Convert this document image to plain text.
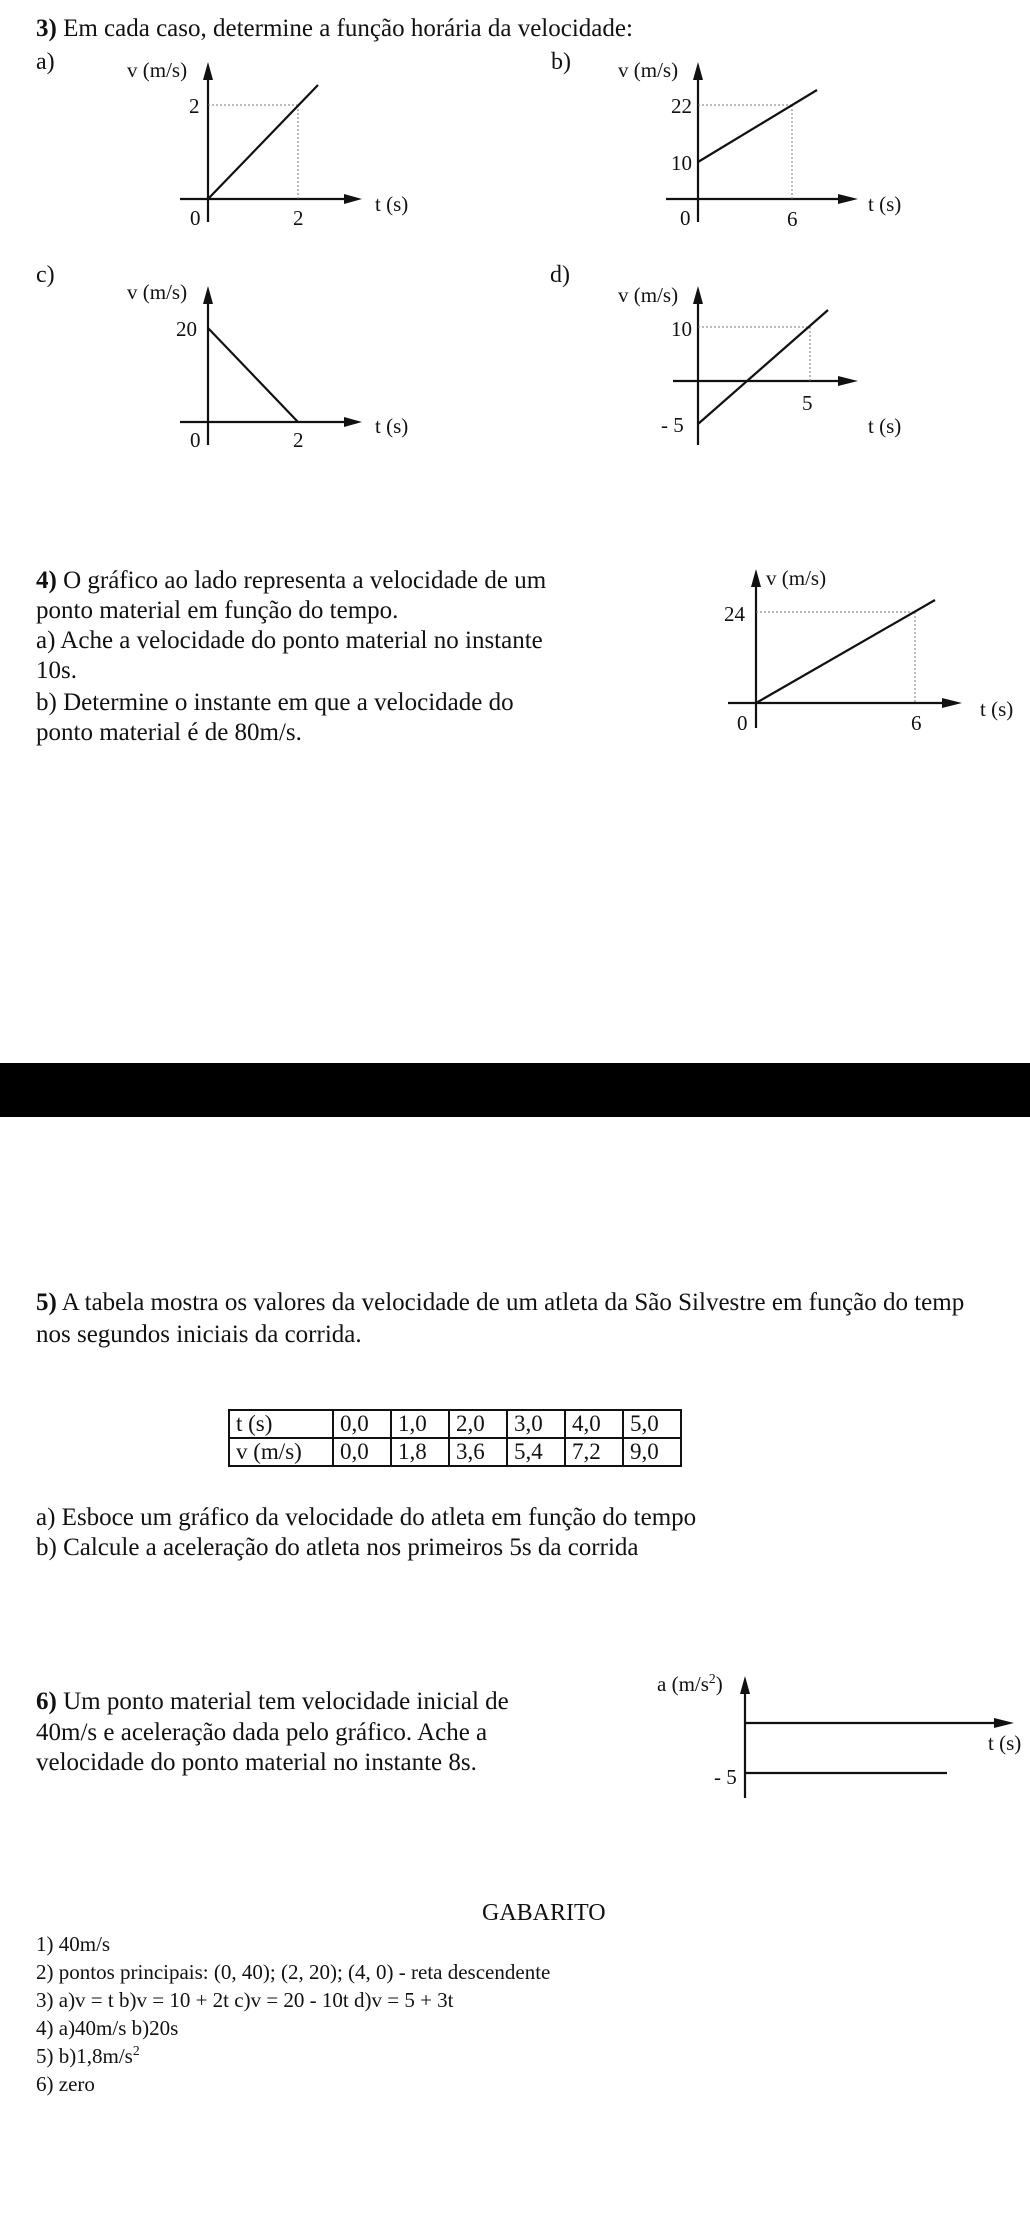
3) Em cada caso, determine a função horária da velocidade:
a)	v (m/s)
t (s)
0
2
2
b) v (m/s)
t (s)
0
22
10
6
c)
v (m/s)
t (s)
0
20
2
d)
v (m/s)
t (s)
10
- 5
5
4) O gráfico ao lado representa a velocidade de um
ponto material em função do tempo.
a) Ache a velocidade do ponto material no instante
10s.
b) Determine o instante em que a velocidade do
ponto material é de 80m/s.
v (m/s)
t (s)
0
24
6
5) A tabela mostra os valores da velocidade de um atleta da São Silvestre em função do temp
nos segundos iniciais da corrida.
t (s)	0,0	1,0	2,0	3,0	4,0	5,0
v (m/s)	0,0	1,8	3,6	5,4	7,2	9,0
a) Esboce um gráfico da velocidade do atleta em função do tempo
b) Calcule a aceleração do atleta nos primeiros 5s da corrida
6) Um ponto material tem velocidade inicial de
40m/s e aceleração dada pelo gráfico. Ache a
velocidade do ponto material no instante 8s.
a $(m/s^2)$
t (s)
- 5
GABARITO
1) 40m/s
2) pontos principais: (0, 40); (2, 20); (4, 0) - reta descendente
3) a)v = t b)v = 10 + 2t c)v = 20 - 10t d)v = 5 + 3t
4) a)40m/s b)20s
5) $b)1,8m/s^2$
6) zero
